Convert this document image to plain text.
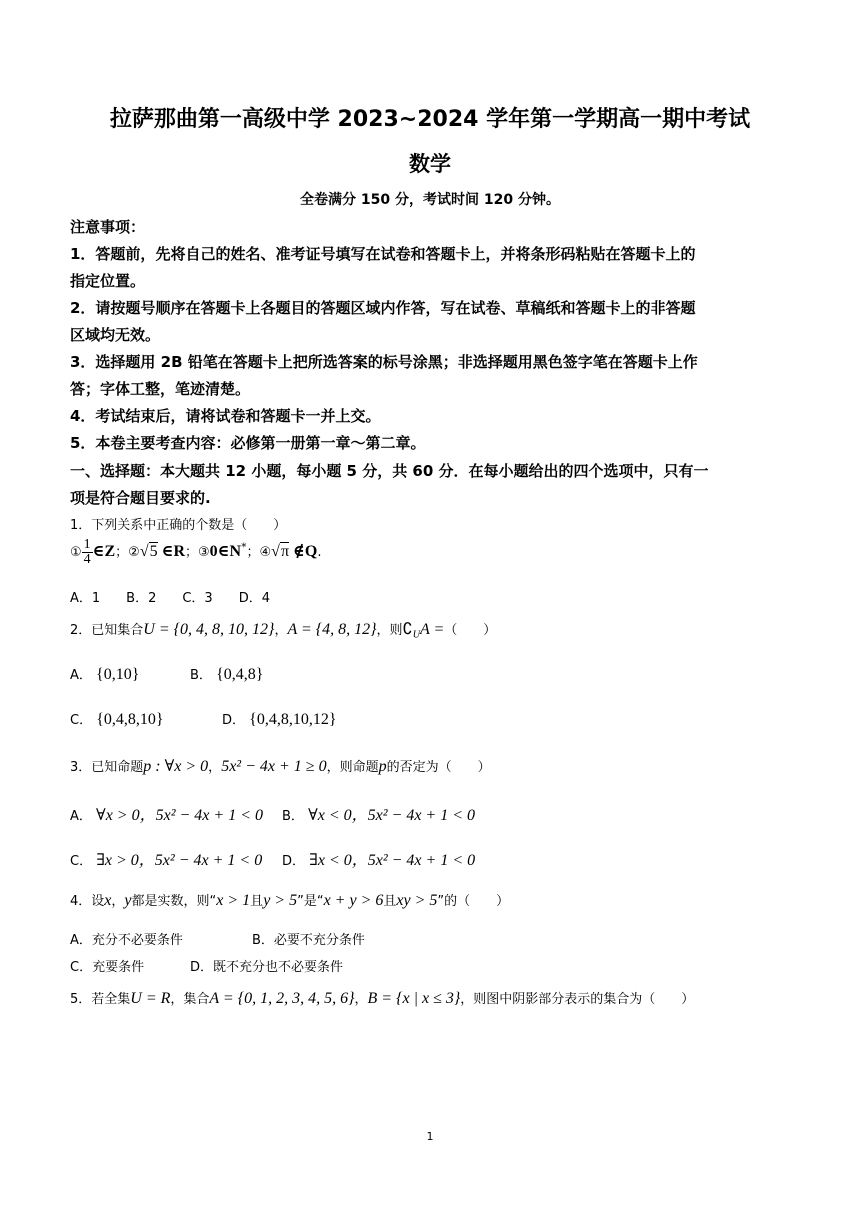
拉萨那曲第一高级中学 2023~2024 学年第一学期高一期中考试
数学
全卷满分 150 分，考试时间 120 分钟。
注意事项：
1．答题前，先将自己的姓名、准考证号填写在试卷和答题卡上，并将条形码粘贴在答题卡上的
指定位置。
2．请按题号顺序在答题卡上各题目的答题区域内作答，写在试卷、草稿纸和答题卡上的非答题
区域均无效。
3．选择题用 2B 铅笔在答题卡上把所选答案的标号涂黑；非选择题用黑色签字笔在答题卡上作
答；字体工整，笔迹清楚。
4．考试结束后，请将试卷和答题卡一并上交。
5．本卷主要考查内容：必修第一册第一章～第二章。
一、选择题：本大题共 12 小题，每小题 5 分，共 60 分．在每小题给出的四个选项中，只有一
项是符合题目要求的.
1．下列关系中正确的个数是（　　）
① $\frac{1}{4}$ ∈Z；②√5 ∈R；③0∈N*；④√π ∉Q.
A．1　　B．2　　C．3　　D．4
2．已知集合U = {0, 4, 8, 10, 12}，A = {4, 8, 12}，则$∁_UA$ =（　　）
A． {0,10}	B． {0,4,8}
C． {0,4,8,10}	D． {0,4,8,10,12}
3．已知命题p : ∀x > 0，5x² − 4x + 1 ≥ 0，则命题p的否定为（　　）
A． ∀x > 0，5x² − 4x + 1 < 0 B． ∀x < 0，5x² − 4x + 1 < 0
C． ∃x > 0，5x² − 4x + 1 < 0 D． ∃x < 0，5x² − 4x + 1 < 0
4．设x，y都是实数，则“x > 1且y > 5”是“x + y > 6且xy > 5”的（　　）
A．充分不必要条件	B．必要不充分条件
C．充要条件	D．既不充分也不必要条件
5．若全集U = R，集合A = {0, 1, 2, 3, 4, 5, 6}，B = {x | x ≤ 3}，则图中阴影部分表示的集合为（　　）
1
